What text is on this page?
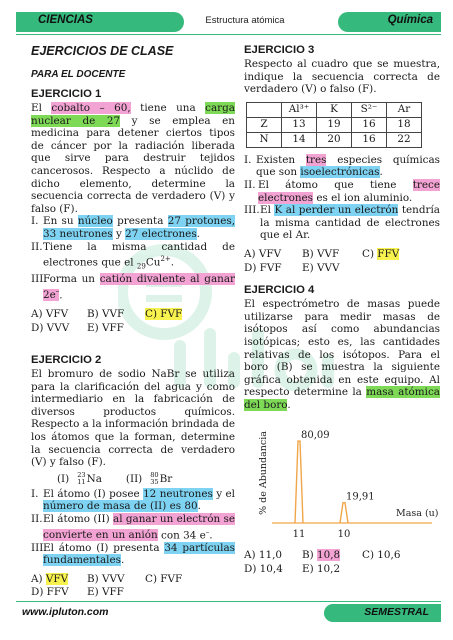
CIENCIAS	Estructura atómica	Química
EJERCICIOS DE CLASE
PARA EL DOCENTE
EJERCICIO 1

El cobalto – 60, tiene una carga nuclear de 27 y se emplea en medicina para detener ciertos tipos de cáncer por la radiación liberada que sirve para destruir tejidos cancerosos. Respecto a núclido de dicho elemento, determine la secuencia correcta de verdadero (V) y falso (F).

I. En su núcleo presenta 27 protones, 33 neutrones y 27 electrones.
II. Tiene la misma cantidad de electrones que el $_{29}Cu^{2+}$.
III.
Forma un catión divalente al ganar 2e–.
A) VFV	B) VVF	C) FVF
D) VVV	E) VFF
EJERCICIO 2

El bromuro de sodio NaBr se utiliza para la clarificación del agua y como intermediario en la fabricación de diversos productos químicos. Respecto a la información brindada de los átomos que la forman, determine la secuencia correcta de verdadero (V) y falso (F).

(I) 23
11 Na (II) 80
35 Br
I. El átomo (I) posee 12 neutrones y el número de masa de (II) es 80.
II. El átomo (II) al ganar un electrón se convierte en un anión con 34 e–.
III.
El átomo (I) presenta 34 partículas fundamentales.
A) VFV	B) VVV	C) FVF
D) FFV	E) VFF
EJERCICIO 3

Respecto al cuadro que se muestra, indique la secuencia correcta de verdadero (V) o falso (F).

	Al³⁺	K	S²⁻	Ar
Z	13	19	16	18
N	14	20	16	22
I. Existen tres especies químicas que son isoelectrónicas.
II. El átomo que tiene trece electrones es el ion aluminio.
III. El K al perder un electrón tendría la misma cantidad de electrones que el Ar.
A) VFV	B) VVF	C) FFV
D) FVF	E) VVV
EJERCICIO 4

El espectrómetro de masas puede utilizarse para medir masas de isótopos así como abundancias isotópicas; esto es, las cantidades relativas de los isótopos. Para el boro (B) se muestra la siguiente gráfica obtenida en este equipo. Al respecto determine la masa atómica del boro.

% de Abundancia	Masa (u)
19,91
80,09
11	10
A) 11,0	B) 10,8	C) 10,6
D) 10,4	E) 10,2
www.ipluton.com	SEMESTRAL
